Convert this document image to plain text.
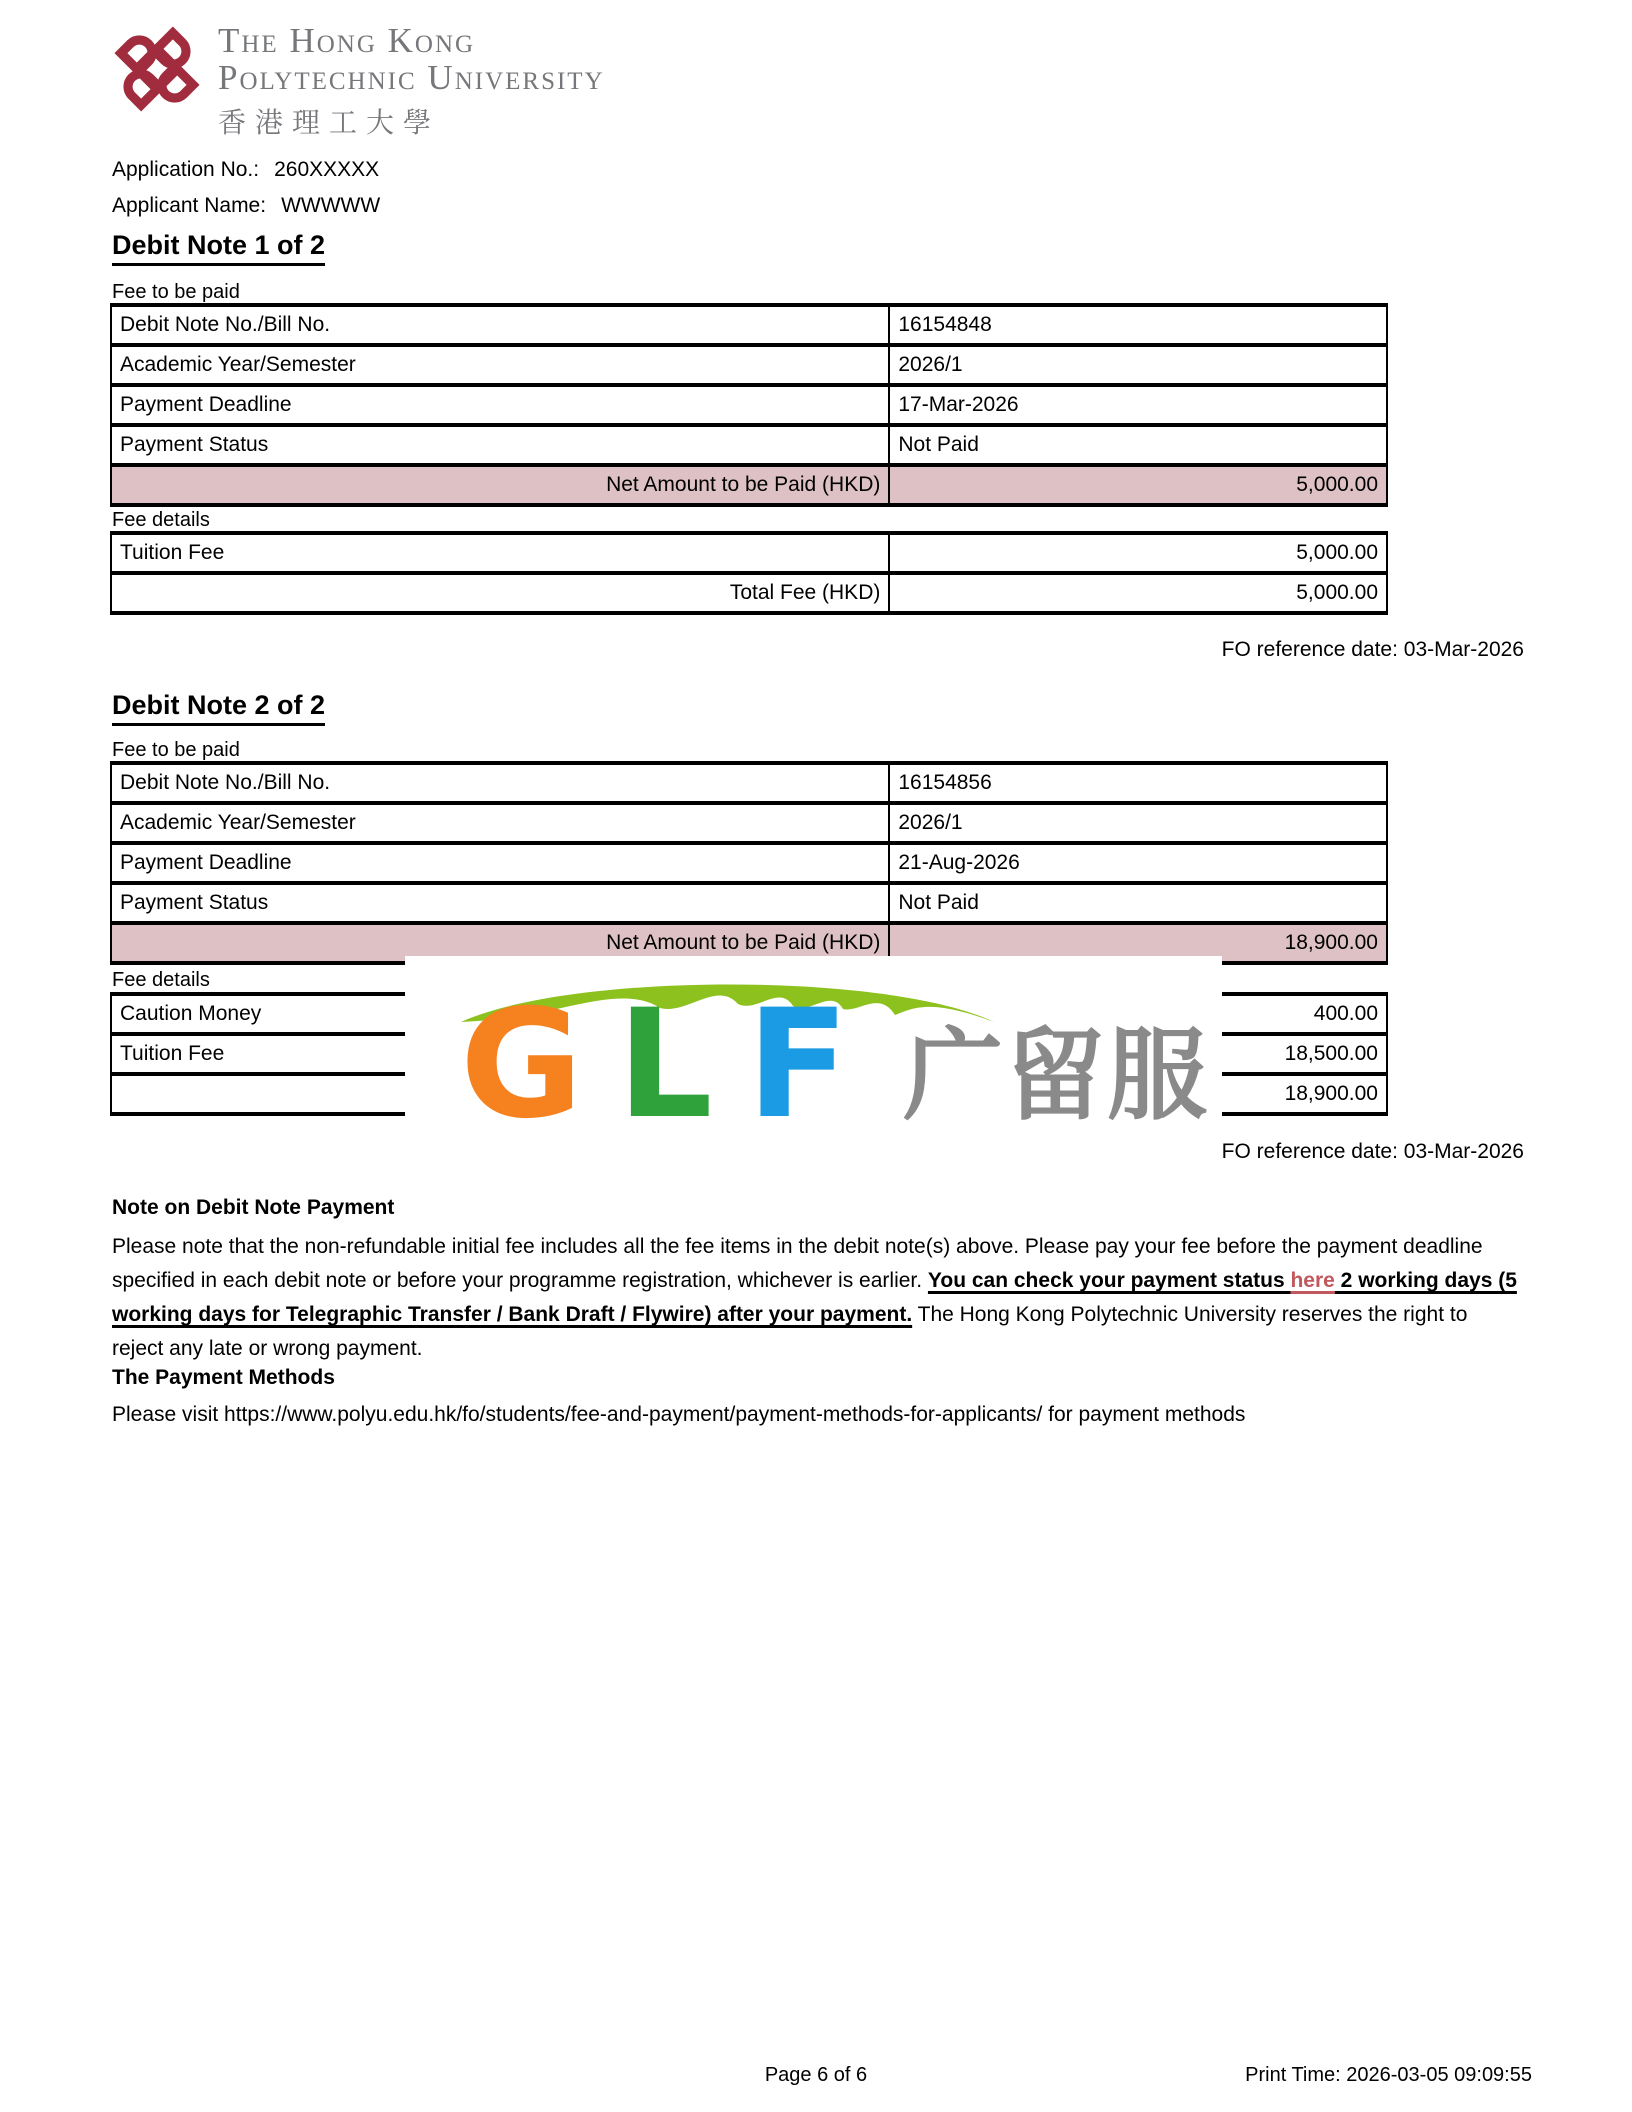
The Hong Kong
Polytechnic University
香港理工大學
Application No.: 260XXXXX
Applicant Name: WWWWW
Debit Note 1 of 2
Fee to be paid
Debit Note No./Bill No.	16154848
Academic Year/Semester	2026/1
Payment Deadline	17-Mar-2026
Payment Status	Not Paid
Net Amount to be Paid (HKD)	5,000.00
Fee details
Tuition Fee	5,000.00
Total Fee (HKD)	5,000.00
FO reference date: 03-Mar-2026
Debit Note 2 of 2
Fee to be paid
Debit Note No./Bill No.	16154856
Academic Year/Semester	2026/1
Payment Deadline	21-Aug-2026
Payment Status	Not Paid
Net Amount to be Paid (HKD)	18,900.00
Fee details
Caution Money	400.00
Tuition Fee	18,500.00
	18,900.00
G L F 广留服
FO reference date: 03-Mar-2026
Note on Debit Note Payment
Please note that the non-refundable initial fee includes all the fee items in the debit note(s) above. Please pay your fee before the payment deadline specified in each debit note or before your programme registration, whichever is earlier. You can check your payment status here 2 working days (5 working days for Telegraphic Transfer / Bank Draft / Flywire) after your payment. The Hong Kong Polytechnic University reserves the right to reject any late or wrong payment.
The Payment Methods
Please visit https://www.polyu.edu.hk/fo/students/fee-and-payment/payment-methods-for-applicants/ for payment methods
Page 6 of 6	Print Time: 2026-03-05 09:09:55
